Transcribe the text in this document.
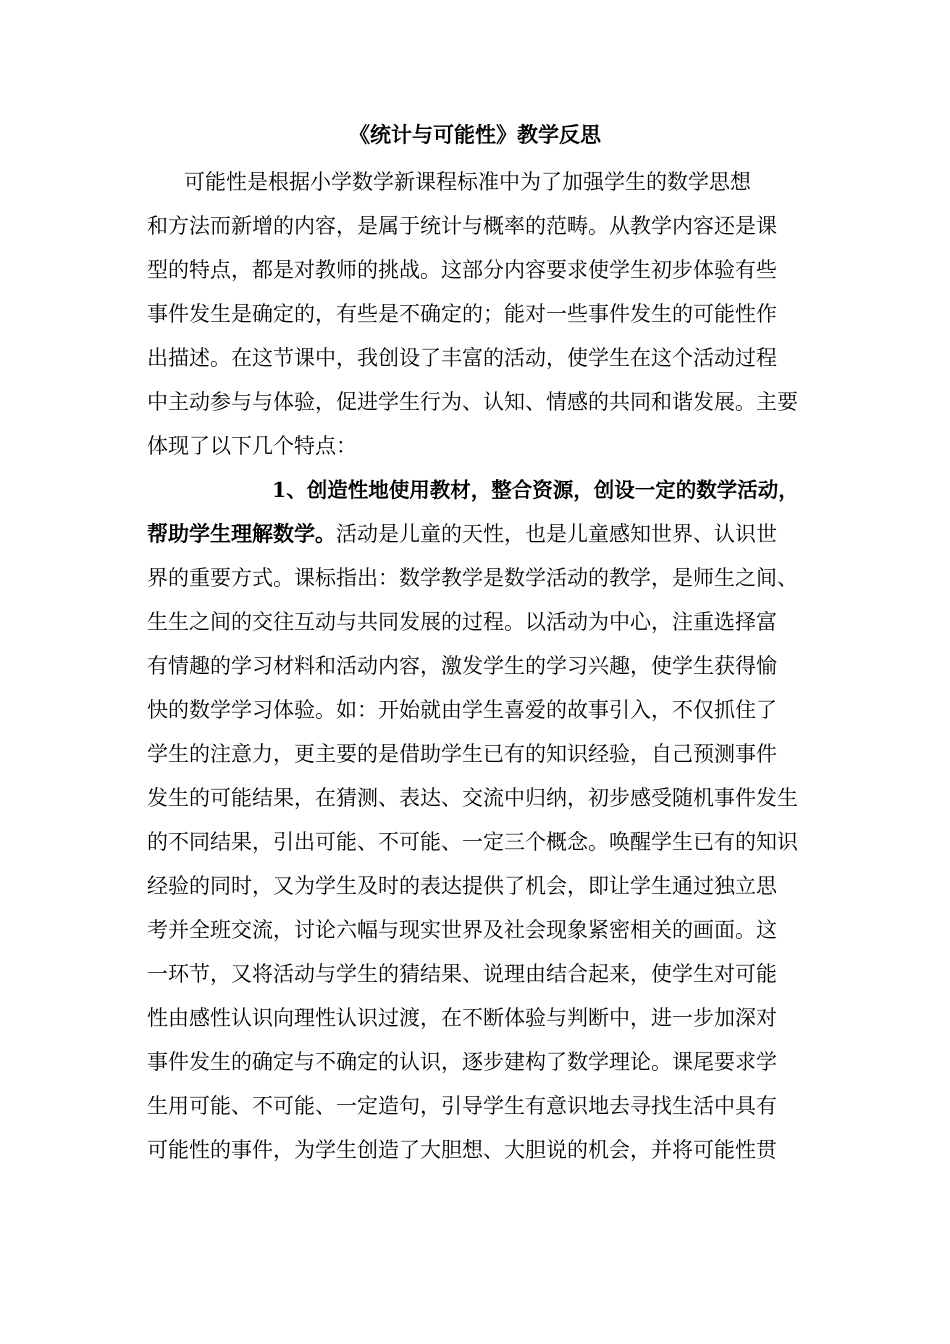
《统计与可能性》教学反思
可能性是根据小学数学新课程标准中为了加强学生的数学思想
和方法而新增的内容，是属于统计与概率的范畴。从教学内容还是课
型的特点，都是对教师的挑战。这部分内容要求使学生初步体验有些
事件发生是确定的，有些是不确定的；能对一些事件发生的可能性作
出描述。在这节课中，我创设了丰富的活动，使学生在这个活动过程
中主动参与与体验，促进学生行为、认知、情感的共同和谐发展。主要
体现了以下几个特点：
1、创造性地使用教材，整合资源，创设一定的数学活动，
帮助学生理解数学。活动是儿童的天性，也是儿童感知世界、认识世
界的重要方式。课标指出：数学教学是数学活动的教学，是师生之间、
生生之间的交往互动与共同发展的过程。以活动为中心，注重选择富
有情趣的学习材料和活动内容，激发学生的学习兴趣，使学生获得愉
快的数学学习体验。如：开始就由学生喜爱的故事引入，不仅抓住了
学生的注意力，更主要的是借助学生已有的知识经验，自己预测事件
发生的可能结果，在猜测、表达、交流中归纳，初步感受随机事件发生
的不同结果，引出可能、不可能、一定三个概念。唤醒学生已有的知识
经验的同时，又为学生及时的表达提供了机会，即让学生通过独立思
考并全班交流，讨论六幅与现实世界及社会现象紧密相关的画面。这
一环节，又将活动与学生的猜结果、说理由结合起来，使学生对可能
性由感性认识向理性认识过渡，在不断体验与判断中，进一步加深对
事件发生的确定与不确定的认识，逐步建构了数学理论。课尾要求学
生用可能、不可能、一定造句，引导学生有意识地去寻找生活中具有
可能性的事件，为学生创造了大胆想、大胆说的机会，并将可能性贯
